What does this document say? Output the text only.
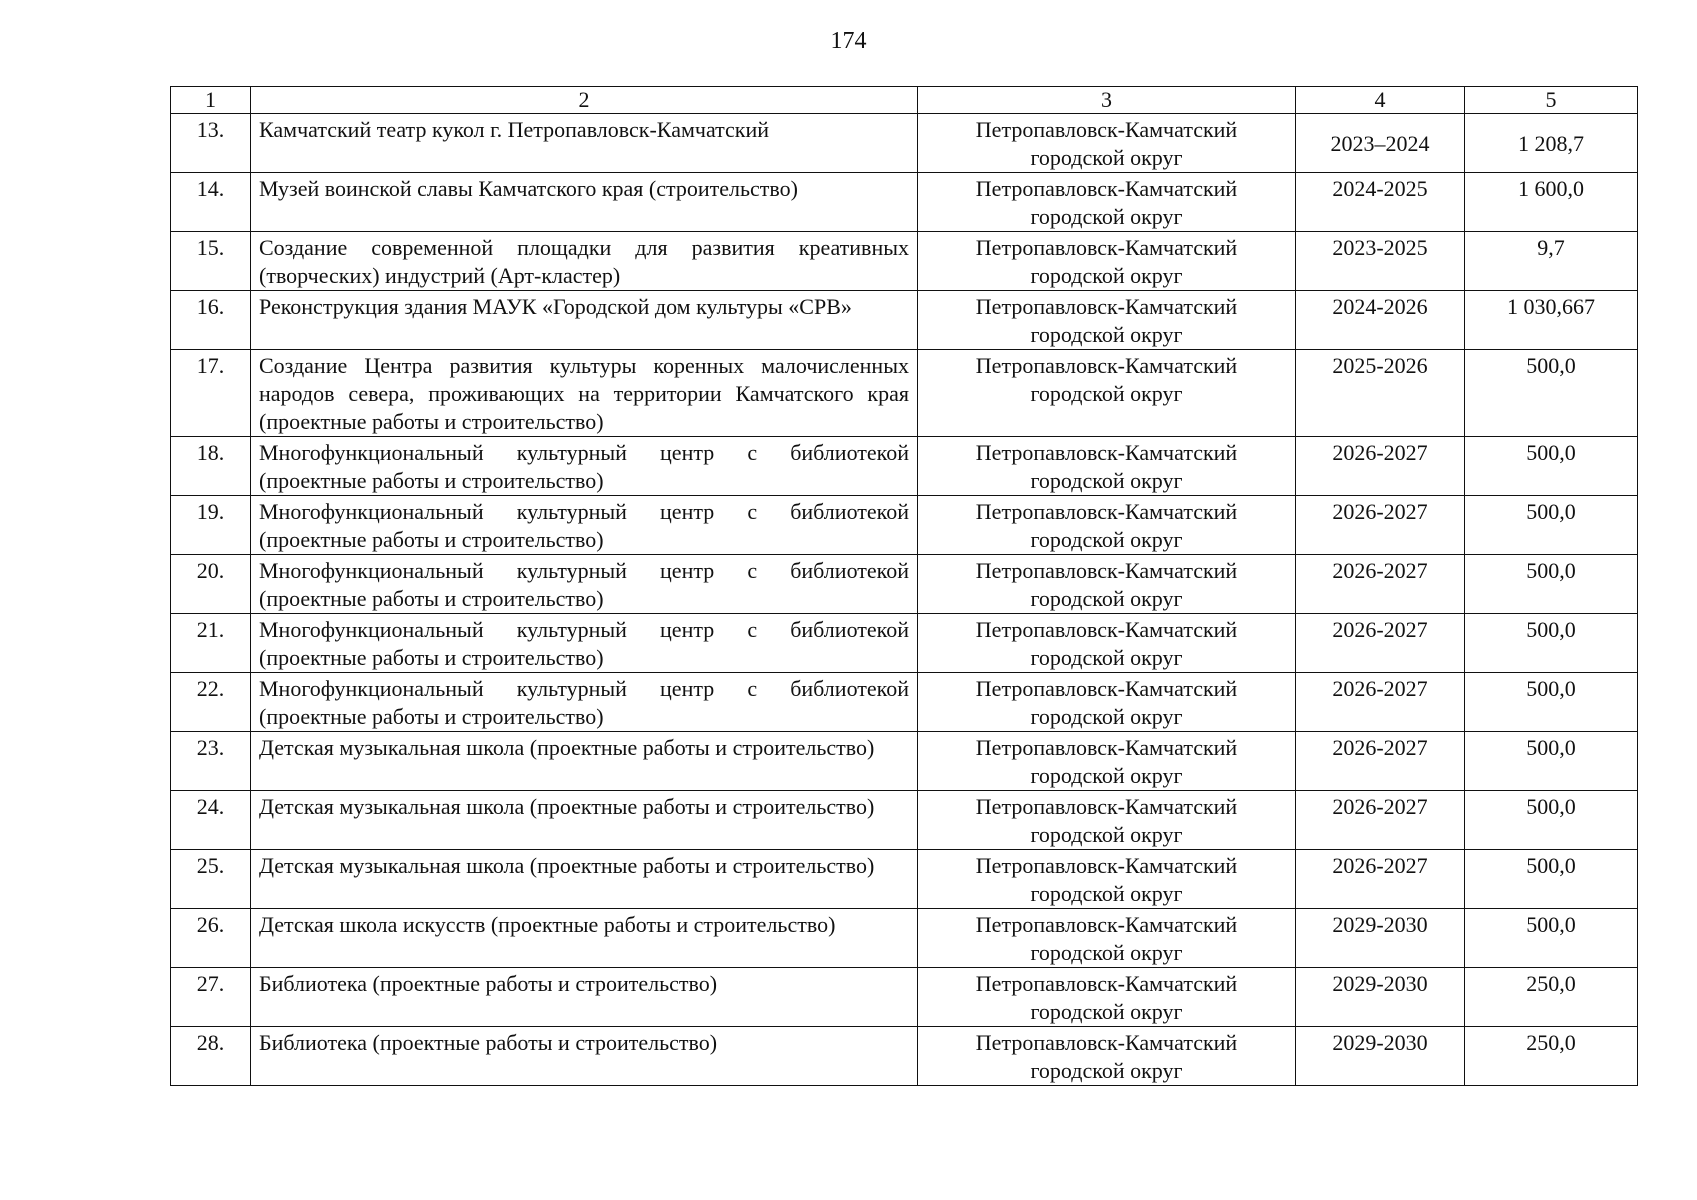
174
1	2	3	4	5
13.	Камчатский театр кукол г. Петропавловск-Камчатский	Петропавловск-Камчатский городской округ	2023–2024	1 208,7
14.	Музей воинской славы Камчатского края (строительство)	Петропавловск-Камчатский городской округ	2024-2025	1 600,0
15.	Создание современной площадки для развития креативных (творческих) индустрий (Арт-кластер)	Петропавловск-Камчатский городской округ	2023-2025	9,7
16.	Реконструкция здания МАУК «Городской дом культуры «СРВ»	Петропавловск-Камчатский городской округ	2024-2026	1 030,667
17.	Создание Центра развития культуры коренных малочисленных народов севера, проживающих на территории Камчатского края (проектные работы и строительство)	Петропавловск-Камчатский городской округ	2025-2026	500,0
18.	Многофункциональный культурный центр с библиотекой (проектные работы и строительство)	Петропавловск-Камчатский городской округ	2026-2027	500,0
19.	Многофункциональный культурный центр с библиотекой (проектные работы и строительство)	Петропавловск-Камчатский городской округ	2026-2027	500,0
20.	Многофункциональный культурный центр с библиотекой (проектные работы и строительство)	Петропавловск-Камчатский городской округ	2026-2027	500,0
21.	Многофункциональный культурный центр с библиотекой (проектные работы и строительство)	Петропавловск-Камчатский городской округ	2026-2027	500,0
22.	Многофункциональный культурный центр с библиотекой (проектные работы и строительство)	Петропавловск-Камчатский городской округ	2026-2027	500,0
23.	Детская музыкальная школа (проектные работы и строительство)	Петропавловск-Камчатский городской округ	2026-2027	500,0
24.	Детская музыкальная школа (проектные работы и строительство)	Петропавловск-Камчатский городской округ	2026-2027	500,0
25.	Детская музыкальная школа (проектные работы и строительство)	Петропавловск-Камчатский городской округ	2026-2027	500,0
26.	Детская школа искусств (проектные работы и строительство)	Петропавловск-Камчатский городской округ	2029-2030	500,0
27.	Библиотека (проектные работы и строительство)	Петропавловск-Камчатский городской округ	2029-2030	250,0
28.	Библиотека (проектные работы и строительство)	Петропавловск-Камчатский городской округ	2029-2030	250,0
